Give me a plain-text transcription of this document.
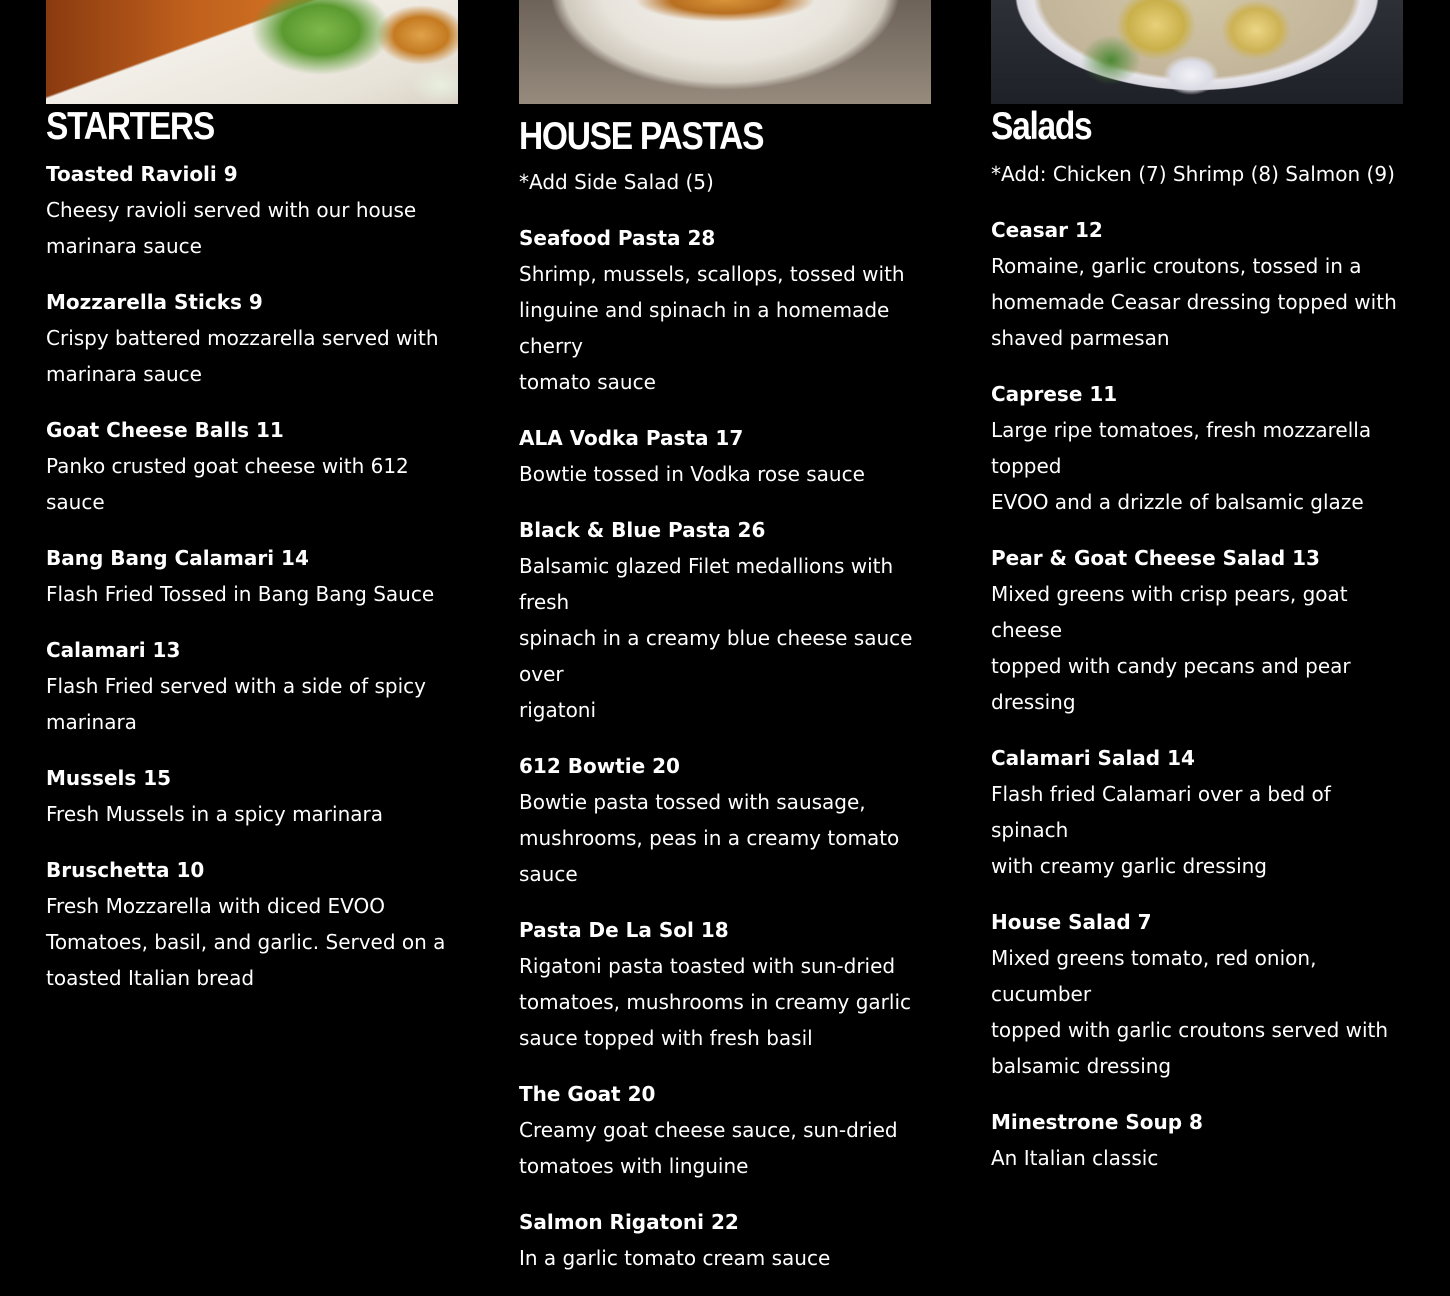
STARTERS
Toasted Ravioli 9
Cheesy ravioli served with our house
marinara sauce
Mozzarella Sticks 9
Crispy battered mozzarella served with
marinara sauce
Goat Cheese Balls 11
Panko crusted goat cheese with 612 sauce
Bang Bang Calamari 14
Flash Fried Tossed in Bang Bang Sauce
Calamari 13
Flash Fried served with a side of spicy
marinara
Mussels 15
Fresh Mussels in a spicy marinara
Bruschetta 10
Fresh Mozzarella with diced EVOO
Tomatoes, basil, and garlic. Served on a
toasted Italian bread
HOUSE PASTAS
*Add Side Salad (5)
Seafood Pasta 28
Shrimp, mussels, scallops, tossed with
linguine and spinach in a homemade cherry
tomato sauce
ALA Vodka Pasta 17
Bowtie tossed in Vodka rose sauce
Black & Blue Pasta 26
Balsamic glazed Filet medallions with fresh
spinach in a creamy blue cheese sauce over
rigatoni
612 Bowtie 20
Bowtie pasta tossed with sausage,
mushrooms, peas in a creamy tomato
sauce
Pasta De La Sol 18
Rigatoni pasta toasted with sun-dried
tomatoes, mushrooms in creamy garlic
sauce topped with fresh basil
The Goat 20
Creamy goat cheese sauce, sun-dried
tomatoes with linguine
Salmon Rigatoni 22
In a garlic tomato cream sauce
Salads
*Add: Chicken (7) Shrimp (8) Salmon (9)
Ceasar 12
Romaine, garlic croutons, tossed in a
homemade Ceasar dressing topped with
shaved parmesan
Caprese 11
Large ripe tomatoes, fresh mozzarella
topped
EVOO and a drizzle of balsamic glaze
Pear & Goat Cheese Salad 13
Mixed greens with crisp pears, goat cheese
topped with candy pecans and pear
dressing
Calamari Salad 14
Flash fried Calamari over a bed of spinach
with creamy garlic dressing
House Salad 7
Mixed greens tomato, red onion, cucumber
topped with garlic croutons served with
balsamic dressing
Minestrone Soup 8
An Italian classic
